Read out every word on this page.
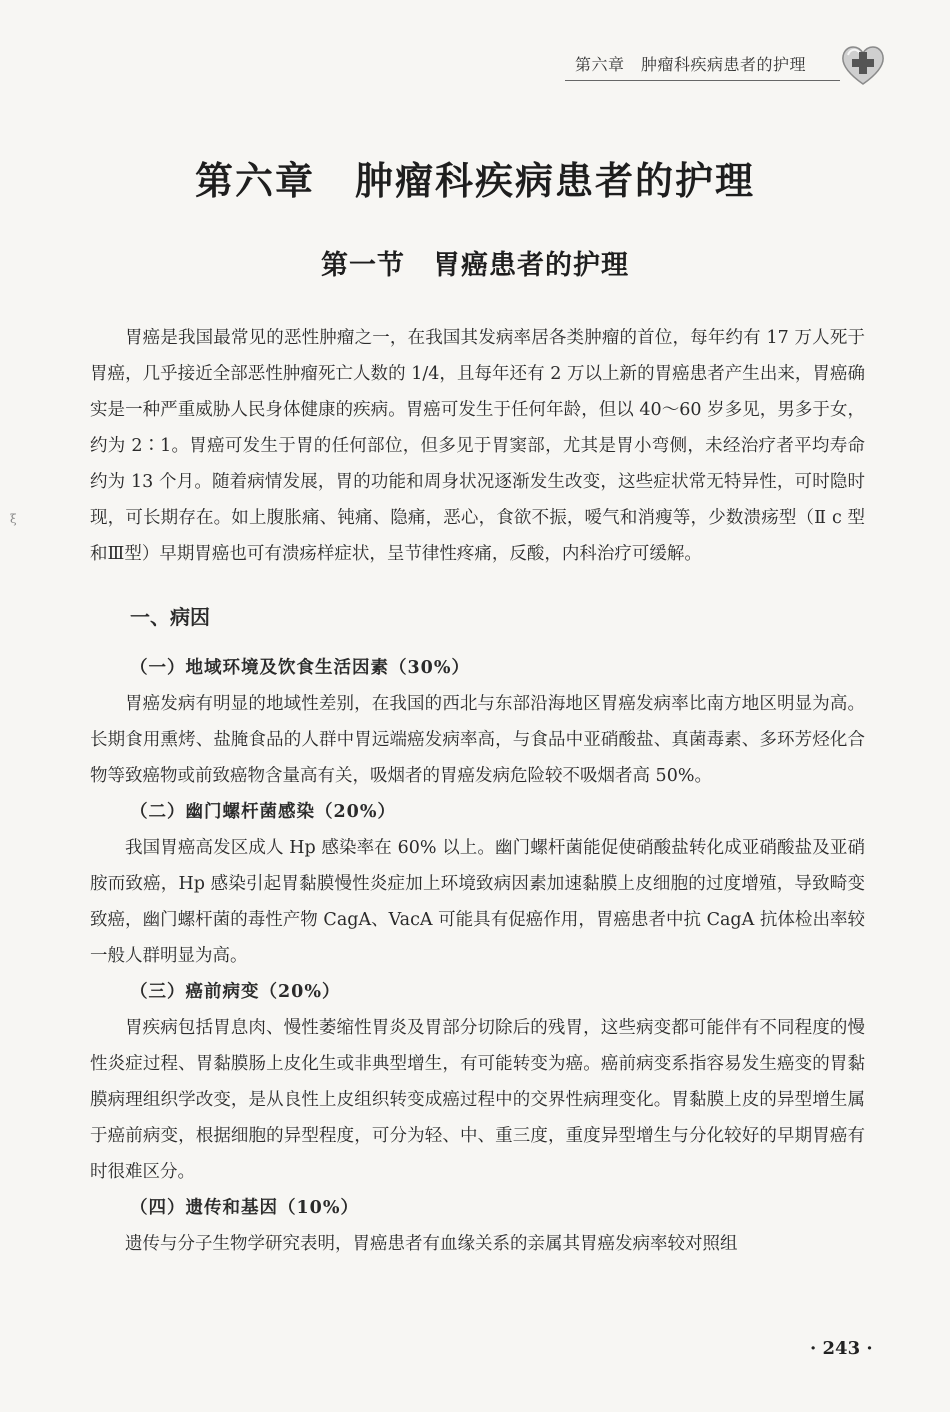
第六章　肿瘤科疾病患者的护理
第六章　肿瘤科疾病患者的护理
第一节　胃癌患者的护理
ξ

胃癌是我国最常见的恶性肿瘤之一，在我国其发病率居各类肿瘤的首位，每年约有 17 万人死于胃癌，几乎接近全部恶性肿瘤死亡人数的 1/4，且每年还有 2 万以上新的胃癌患者产生出来，胃癌确实是一种严重威胁人民身体健康的疾病。胃癌可发生于任何年龄，但以 40～60 岁多见，男多于女，约为 2∶1。胃癌可发生于胃的任何部位，但多见于胃窦部，尤其是胃小弯侧，未经治疗者平均寿命约为 13 个月。随着病情发展，胃的功能和周身状况逐渐发生改变，这些症状常无特异性，可时隐时现，可长期存在。如上腹胀痛、钝痛、隐痛，恶心，食欲不振，嗳气和消瘦等，少数溃疡型（Ⅱ c 型和Ⅲ型）早期胃癌也可有溃疡样症状，呈节律性疼痛，反酸，内科治疗可缓解。

一、病因
（一）地域环境及饮食生活因素（30%）

胃癌发病有明显的地域性差别，在我国的西北与东部沿海地区胃癌发病率比南方地区明显为高。长期食用熏烤、盐腌食品的人群中胃远端癌发病率高，与食品中亚硝酸盐、真菌毒素、多环芳烃化合物等致癌物或前致癌物含量高有关，吸烟者的胃癌发病危险较不吸烟者高 50%。

（二）幽门螺杆菌感染（20%）

我国胃癌高发区成人 Hp 感染率在 60% 以上。幽门螺杆菌能促使硝酸盐转化成亚硝酸盐及亚硝胺而致癌，Hp 感染引起胃黏膜慢性炎症加上环境致病因素加速黏膜上皮细胞的过度增殖，导致畸变致癌，幽门螺杆菌的毒性产物 CagA、VacA 可能具有促癌作用，胃癌患者中抗 CagA 抗体检出率较一般人群明显为高。

（三）癌前病变（20%）

胃疾病包括胃息肉、慢性萎缩性胃炎及胃部分切除后的残胃，这些病变都可能伴有不同程度的慢性炎症过程、胃黏膜肠上皮化生或非典型增生，有可能转变为癌。癌前病变系指容易发生癌变的胃黏膜病理组织学改变，是从良性上皮组织转变成癌过程中的交界性病理变化。胃黏膜上皮的异型增生属于癌前病变，根据细胞的异型程度，可分为轻、中、重三度，重度异型增生与分化较好的早期胃癌有时很难区分。

（四）遗传和基因（10%）

遗传与分子生物学研究表明，胃癌患者有血缘关系的亲属其胃癌发病率较对照组

· 243 ·
